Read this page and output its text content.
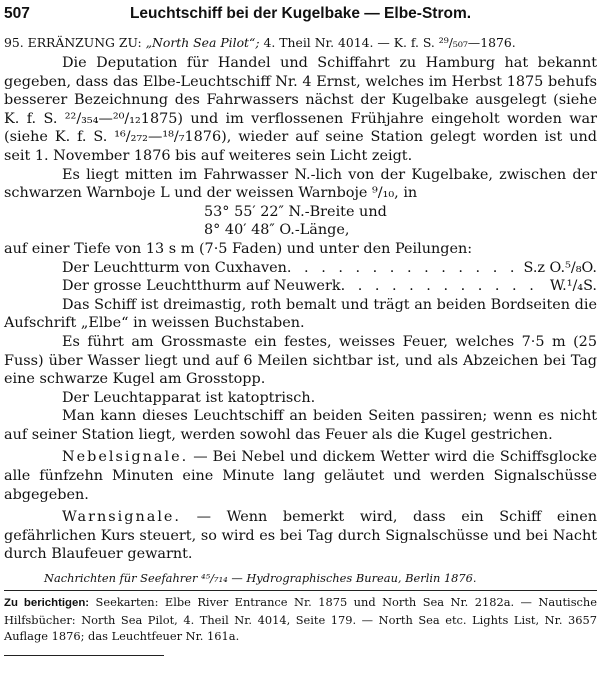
507	Leuchtschiff bei der Kugelbake — Elbe-Strom.
95. ERRÄNZUNG ZU: „North Sea Pilot“; 4. Theil Nr. 4014. — K. f. S. ²⁹/₅₀₇—1876.

Die Deputation für Handel und Schiffahrt zu Hamburg hat bekannt gegeben, dass das Elbe-Leuchtschiff Nr. 4 Ernst, welches im Herbst 1875 behufs besserer Bezeichnung des Fahrwassers nächst der Kugelbake ausgelegt (siehe K. f. S. ²²/₃₅₄—²⁰/₁₂1875) und im verflossenen Frühjahre eingeholt worden war (siehe K. f. S. ¹⁶/₂₇₂—¹⁸/₇1876), wieder auf seine Station gelegt worden ist und seit 1. November 1876 bis auf weiteres sein Licht zeigt.

Es liegt mitten im Fahrwasser N.-lich von der Kugelbake, zwischen der schwarzen Warnboje L und der weissen Warnboje ⁹/₁₀, in

53° 55′ 22″ N.-Breite und

8° 40′ 48″ O.-Länge,

auf einer Tiefe von 13 s m (7·5 Faden) und unter den Peilungen:

Der Leuchtturm von Cuxhaven . . .	S.z O.⁵/₈O.
Der grosse Leuchtthurm auf Neuwerk . . .	W.¹/₄S.

Das Schiff ist dreimastig, roth bemalt und trägt an beiden Bordseiten die Aufschrift „Elbe“ in weissen Buchstaben.

Es führt am Grossmaste ein festes, weisses Feuer, welches 7·5 m (25 Fuss) über Wasser liegt und auf 6 Meilen sichtbar ist, und als Abzeichen bei Tag eine schwarze Kugel am Grosstopp.

Der Leuchtapparat ist katoptrisch.

Man kann dieses Leuchtschiff an beiden Seiten passiren; wenn es nicht auf seiner Station liegt, werden sowohl das Feuer als die Kugel gestrichen.

Nebelsignale. — Bei Nebel und dickem Wetter wird die Schiffsglocke alle fünfzehn Minuten eine Minute lang geläutet und werden Signalschüsse abgegeben.

Warnsignale. — Wenn bemerkt wird, dass ein Schiff einen gefährlichen Kurs steuert, so wird es bei Tag durch Signalschüsse und bei Nacht durch Blaufeuer gewarnt.

Nachrichten für Seefahrer ⁴⁵/₇₁₄ — Hydrographisches Bureau, Berlin 1876.
Zu berichtigen: Seekarten: Elbe River Entrance Nr. 1875 und North Sea Nr. 2182a. — Nautische Hilfsbücher: North Sea Pilot, 4. Theil Nr. 4014, Seite 179. — North Sea etc. Lights List, Nr. 3657 Auflage 1876; das Leuchtfeuer Nr. 161a.
